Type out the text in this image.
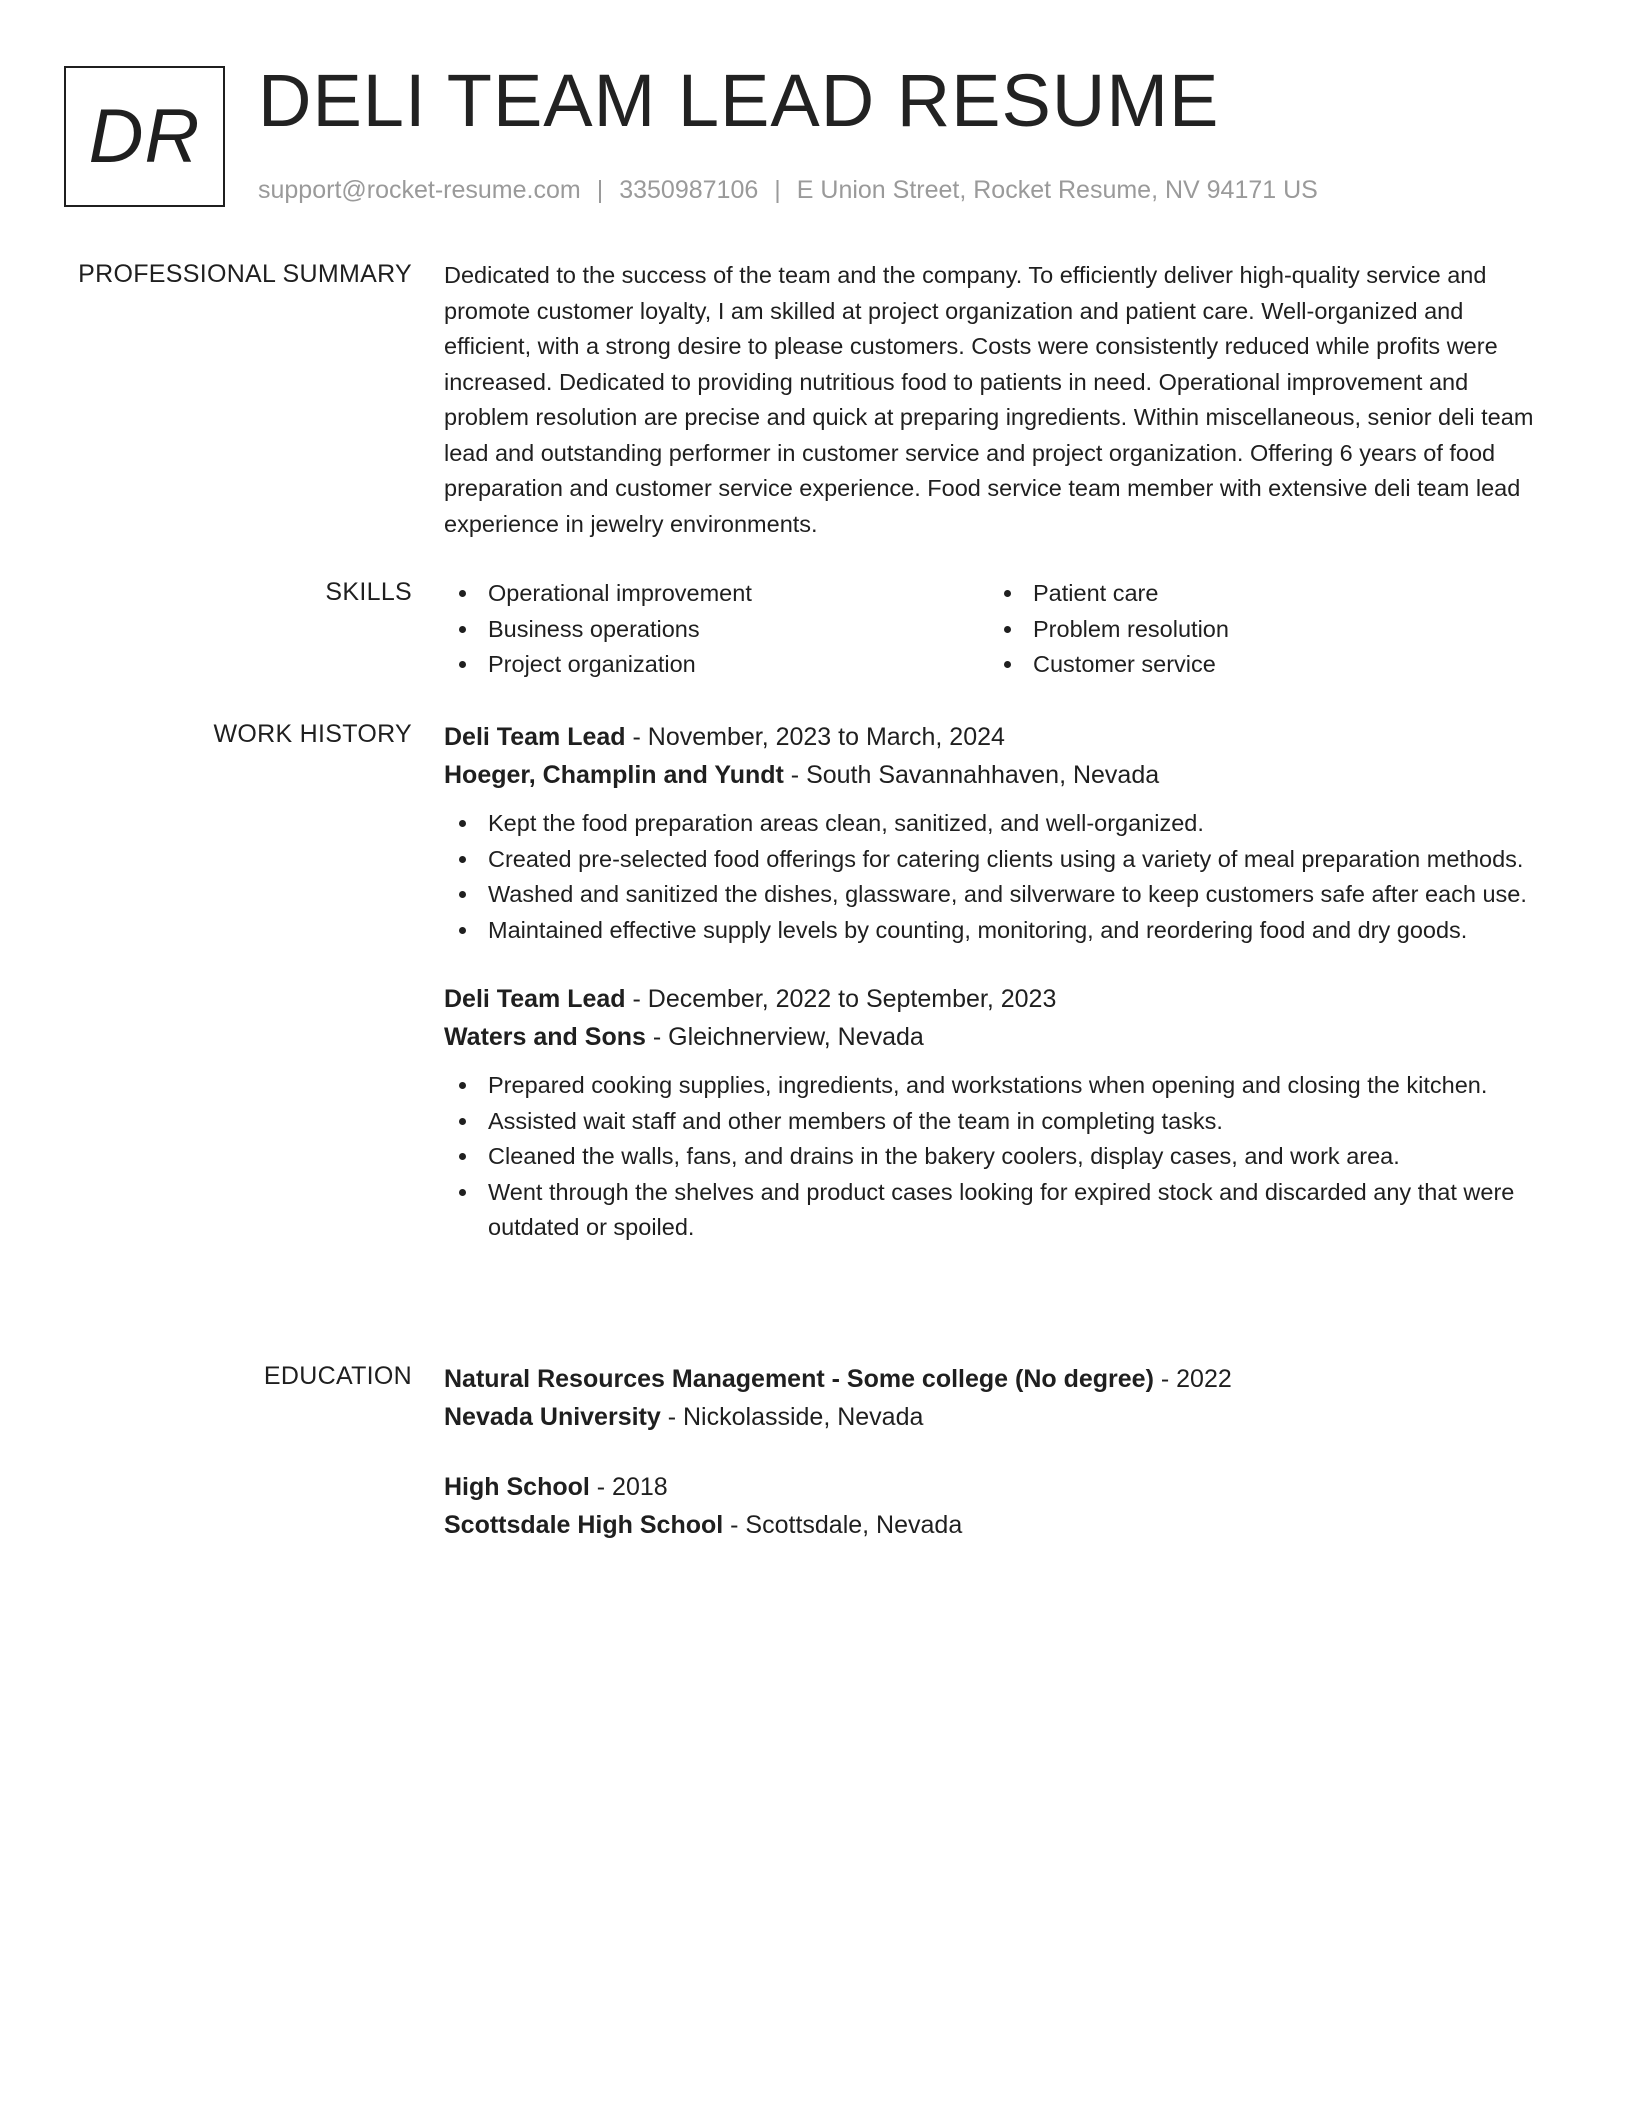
DR DELI TEAM LEAD RESUME
support@rocket-resume.com | 3350987106 | E Union Street, Rocket Resume, NV 94171 US
PROFESSIONAL SUMMARY Dedicated to the success of the team and the company. To efficiently deliver high-quality service and promote customer loyalty, I am skilled at project organization and patient care. Well-organized and efficient, with a strong desire to please customers. Costs were consistently reduced while profits were increased. Dedicated to providing nutritious food to patients in need. Operational improvement and problem resolution are precise and quick at preparing ingredients. Within miscellaneous, senior deli team lead and outstanding performer in customer service and project organization. Offering 6 years of food preparation and customer service experience. Food service team member with extensive deli team lead experience in jewelry environments.

SKILLS	Operational improvement
Business operations
Project organization
Patient care
Problem resolution
Customer service
WORK HISTORY Deli Team Lead - November, 2023 to March, 2024
Hoeger, Champlin and Yundt - South Savannahhaven, Nevada
Kept the food preparation areas clean, sanitized, and well-organized.
Created pre-selected food offerings for catering clients using a variety of meal preparation methods.
Washed and sanitized the dishes, glassware, and silverware to keep customers safe after each use.
Maintained effective supply levels by counting, monitoring, and reordering food and dry goods.
Deli Team Lead - December, 2022 to September, 2023
Waters and Sons - Gleichnerview, Nevada
Prepared cooking supplies, ingredients, and workstations when opening and closing the kitchen.
Assisted wait staff and other members of the team in completing tasks.
Cleaned the walls, fans, and drains in the bakery coolers, display cases, and work area.
Went through the shelves and product cases looking for expired stock and discarded any that were outdated or spoiled.
EDUCATION Natural Resources Management - Some college (No degree) - 2022
Nevada University - Nickolasside, Nevada
High School - 2018
Scottsdale High School - Scottsdale, Nevada
